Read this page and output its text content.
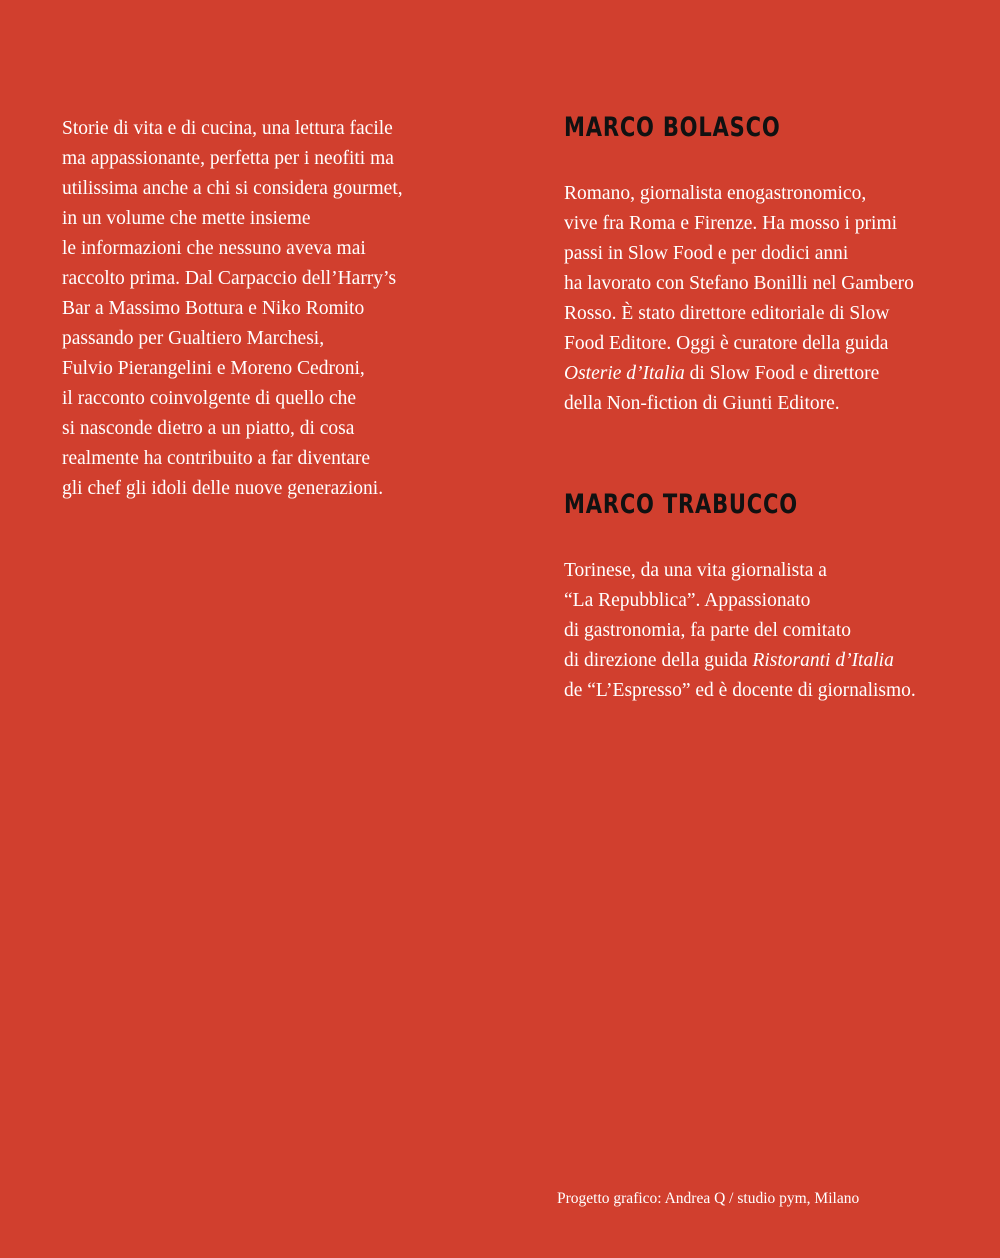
Storie di vita e di cucina, una lettura facile
ma appassionante, perfetta per i neofiti ma
utilissima anche a chi si considera gourmet,
in un volume che mette insieme
le informazioni che nessuno aveva mai
raccolto prima. Dal Carpaccio dell’Harry’s
Bar a Massimo Bottura e Niko Romito
passando per Gualtiero Marchesi,
Fulvio Pierangelini e Moreno Cedroni,
il racconto coinvolgente di quello che
si nasconde dietro a un piatto, di cosa
realmente ha contribuito a far diventare
gli chef gli idoli delle nuove generazioni.

MARCO BOLASCO

Romano, giornalista enogastronomico,
vive fra Roma e Firenze. Ha mosso i primi
passi in Slow Food e per dodici anni
ha lavorato con Stefano Bonilli nel Gambero
Rosso. È stato direttore editoriale di Slow
Food Editore. Oggi è curatore della guida
Osterie d’Italia di Slow Food e direttore
della Non-fiction di Giunti Editore.

MARCO TRABUCCO

Torinese, da una vita giornalista a
“La Repubblica”. Appassionato
di gastronomia, fa parte del comitato
di direzione della guida Ristoranti d’Italia
de “L’Espresso” ed è docente di giornalismo.

Progetto grafico: Andrea Q / studio pym, Milano
